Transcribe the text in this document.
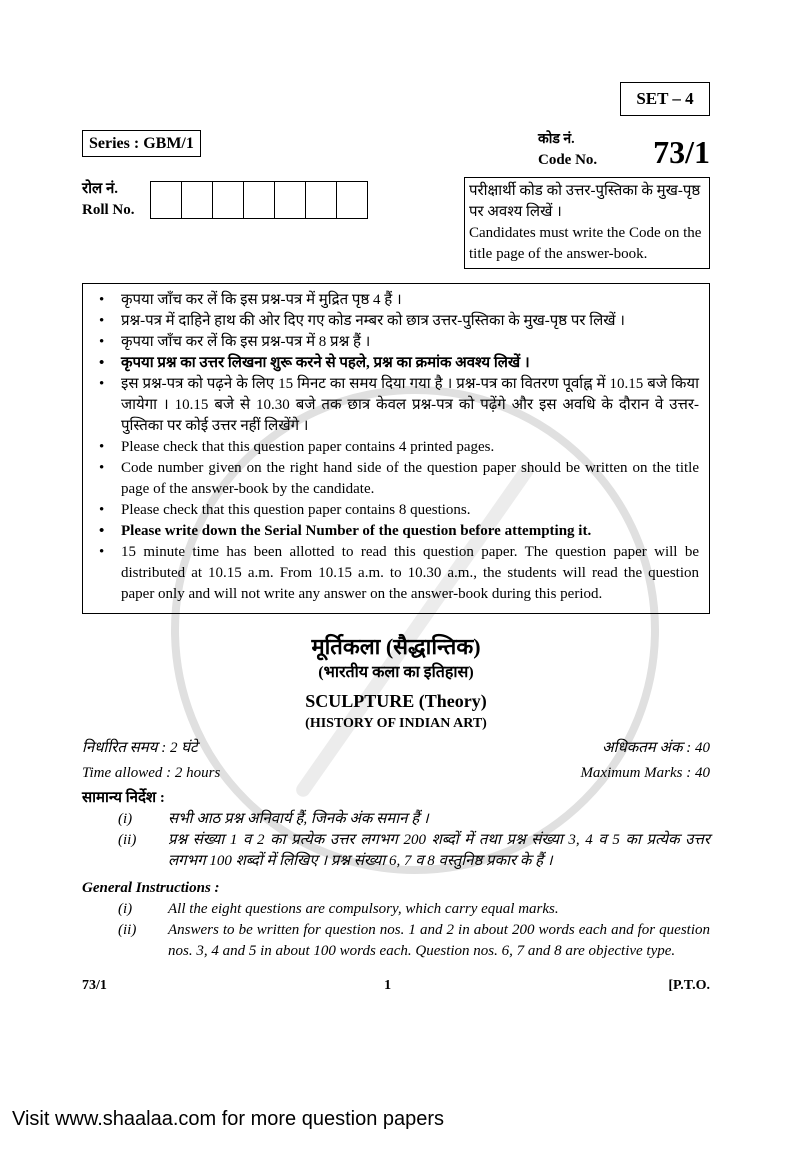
SET – 4
Series : GBM/1
रोल नं.
Roll No.
कोड नं.
Code No. 73/1
परीक्षार्थी कोड को उत्तर-पुस्तिका के मुख-पृष्ठ पर अवश्य लिखें ।
Candidates must write the Code on the title page of the answer-book.
• कृपया जाँच कर लें कि इस प्रश्न-पत्र में मुद्रित पृष्ठ 4 हैं ।
• प्रश्न-पत्र में दाहिने हाथ की ओर दिए गए कोड नम्बर को छात्र उत्तर-पुस्तिका के मुख-पृष्ठ पर लिखें ।
• कृपया जाँच कर लें कि इस प्रश्न-पत्र में 8 प्रश्न हैं ।
• कृपया प्रश्न का उत्तर लिखना शुरू करने से पहले, प्रश्न का क्रमांक अवश्य लिखें ।
• इस प्रश्न-पत्र को पढ़ने के लिए 15 मिनट का समय दिया गया है । प्रश्न-पत्र का वितरण पूर्वाह्न में 10.15 बजे किया जायेगा । 10.15 बजे से 10.30 बजे तक छात्र केवल प्रश्न-पत्र को पढ़ेंगे और इस अवधि के दौरान वे उत्तर-पुस्तिका पर कोई उत्तर नहीं लिखेंगे ।
• Please check that this question paper contains 4 printed pages.
• Code number given on the right hand side of the question paper should be written on the title page of the answer-book by the candidate.
• Please check that this question paper contains 8 questions.
• Please write down the Serial Number of the question before attempting it.
• 15 minute time has been allotted to read this question paper. The question paper will be distributed at 10.15 a.m. From 10.15 a.m. to 10.30 a.m., the students will read the question paper only and will not write any answer on the answer-book during this period.
मूर्तिकला (सैद्धान्तिक)
(भारतीय कला का इतिहास)
SCULPTURE (Theory)
(HISTORY OF INDIAN ART)
निर्धारित समय : 2 घंटे	अधिकतम अंक : 40
Time allowed : 2 hours	Maximum Marks : 40
सामान्य निर्देश :
(i)	सभी आठ प्रश्न अनिवार्य हैं, जिनके अंक समान हैं ।
(ii)	प्रश्न संख्या 1 व 2 का प्रत्येक उत्तर लगभग 200 शब्दों में तथा प्रश्न संख्या 3, 4 व 5 का प्रत्येक उत्तर लगभग 100 शब्दों में लिखिए । प्रश्न संख्या 6, 7 व 8 वस्तुनिष्ठ प्रकार के हैं ।
General Instructions :
(i)	All the eight questions are compulsory, which carry equal marks.
(ii)	Answers to be written for question nos. 1 and 2 in about 200 words each and for question nos. 3, 4 and 5 in about 100 words each. Question nos. 6, 7 and 8 are objective type.
73/1	1	[P.T.O.
Visit www.shaalaa.com for more question papers
